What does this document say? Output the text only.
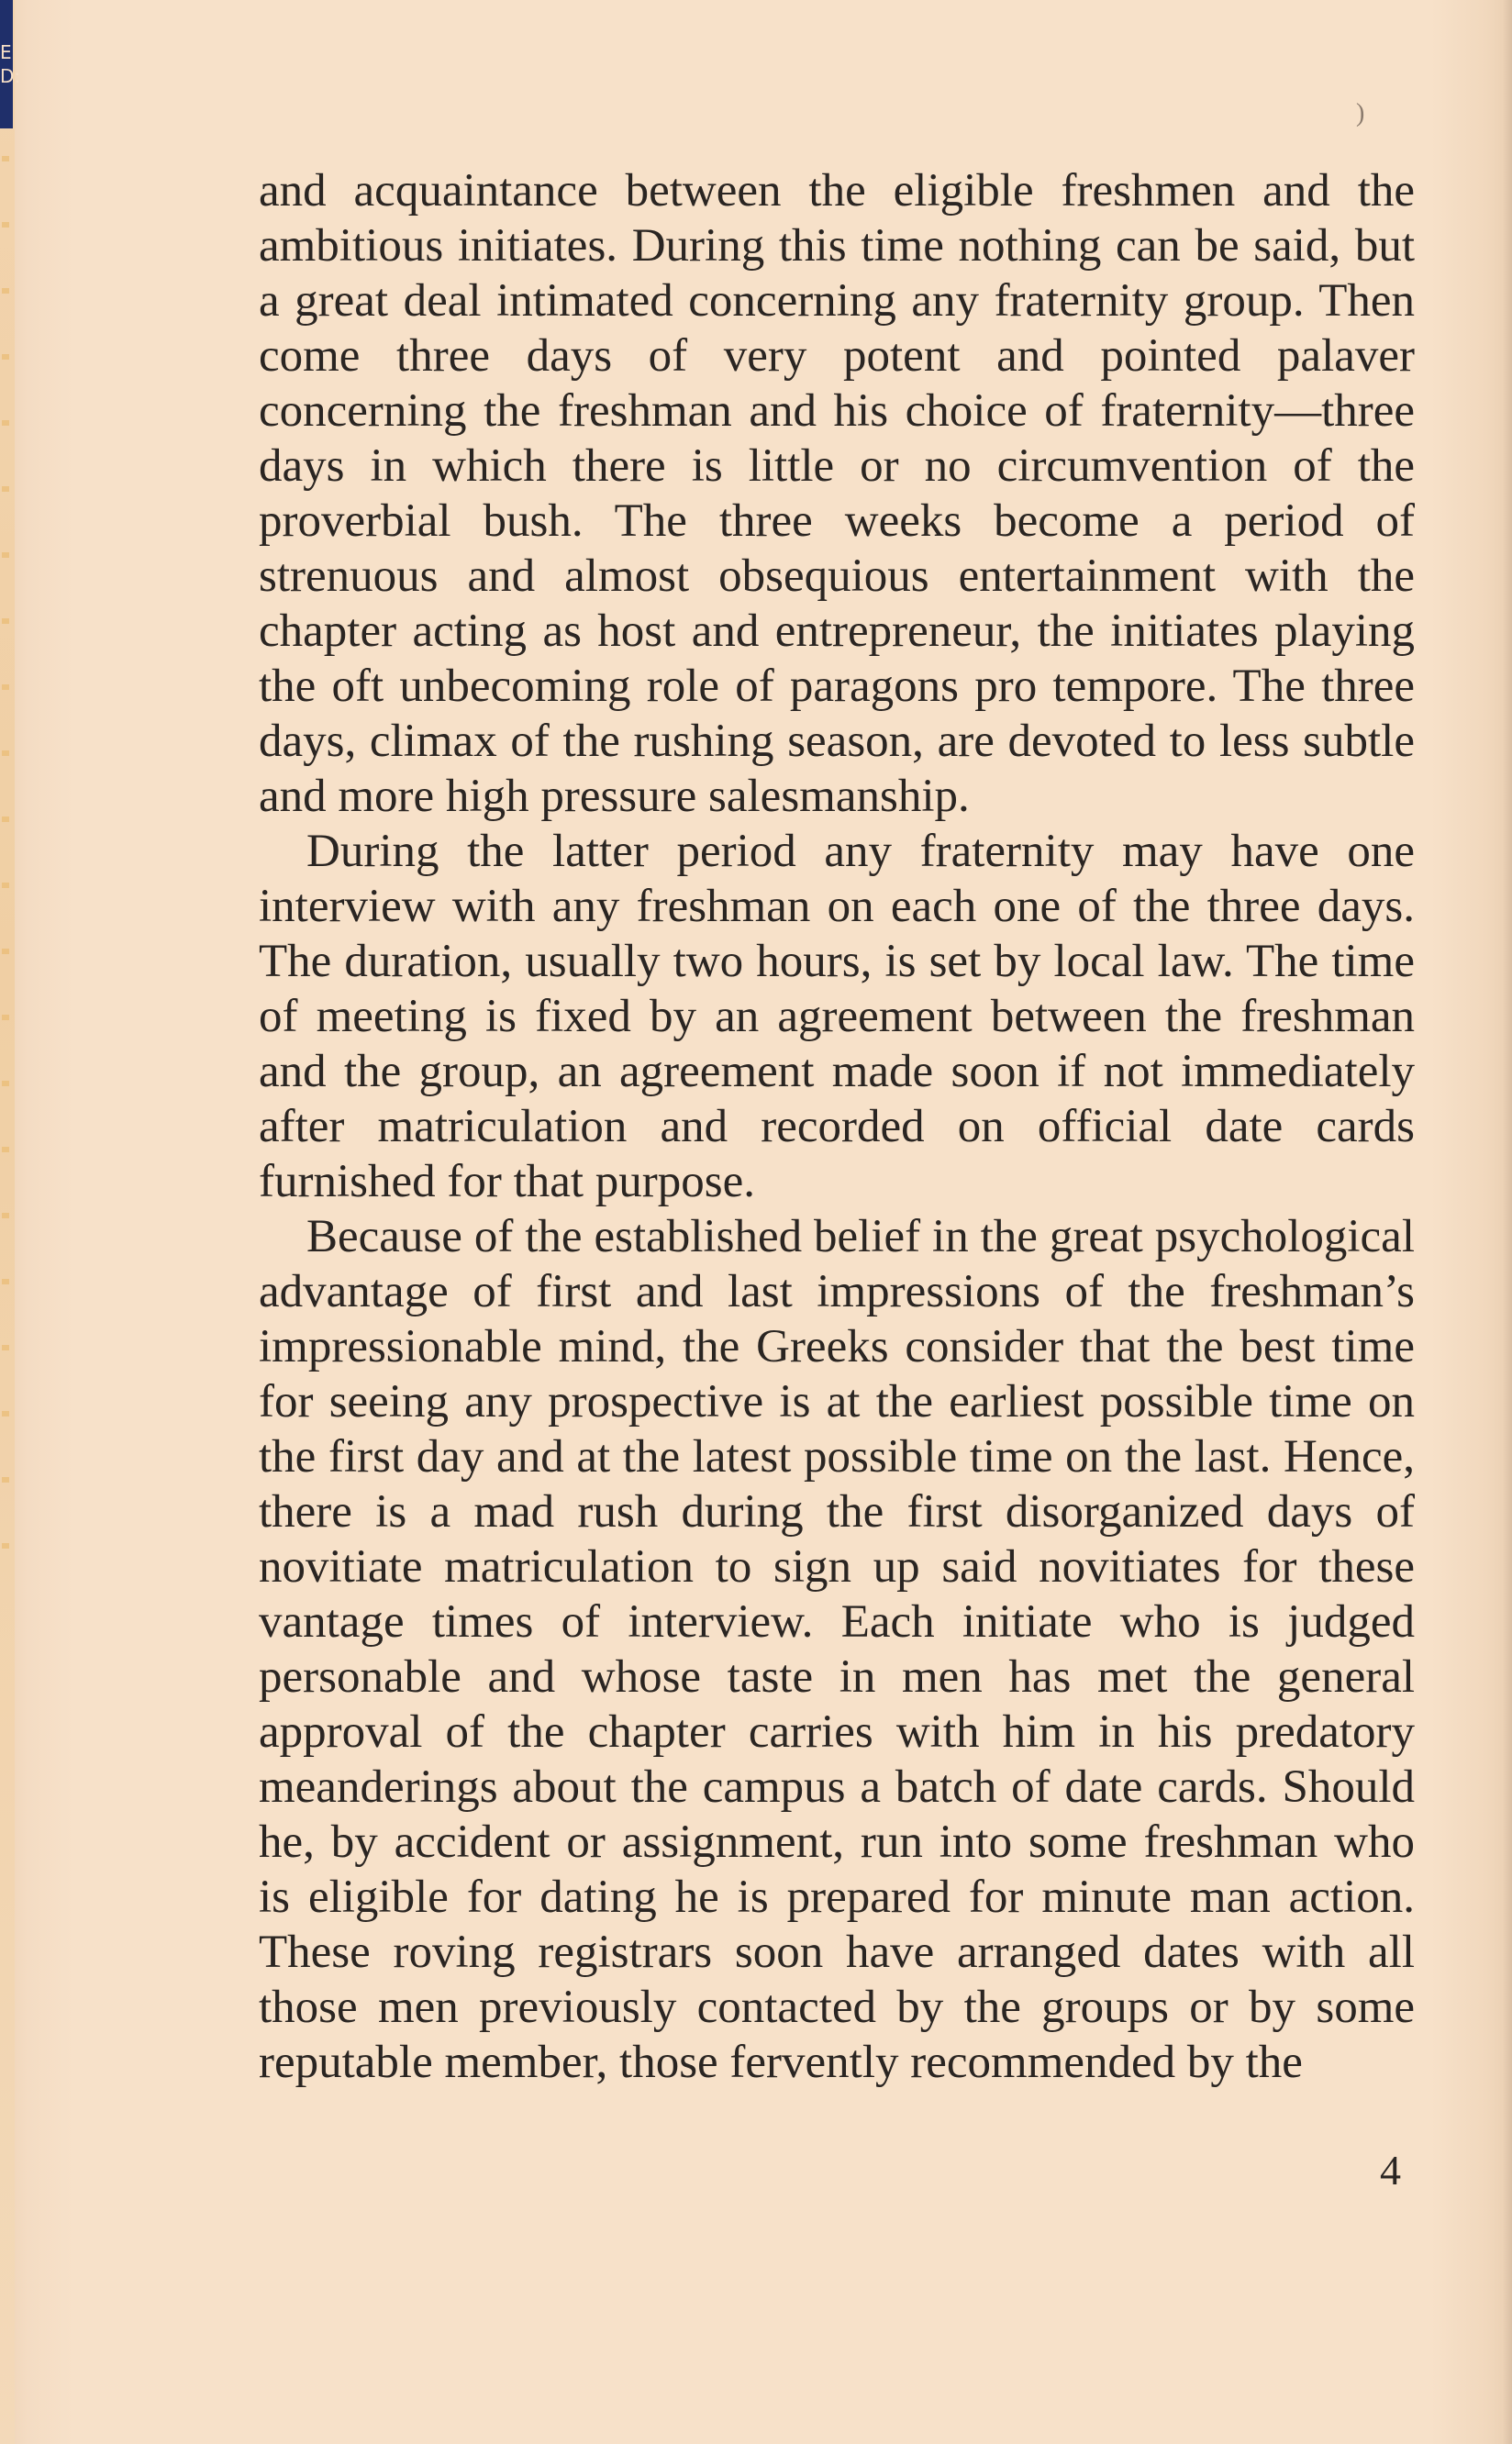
E D:
)

and acquaintance between the eligible freshmen and the ambitious initiates. During this time nothing can be said, but a great deal intimated concerning any fraternity group. Then come three days of very potent and pointed palaver concerning the freshman and his choice of fraternity—three days in which there is little or no circumvention of the proverbial bush. The three weeks become a period of strenuous and almost obsequious entertainment with the chapter acting as host and entrepreneur, the initiates playing the oft unbecoming role of paragons pro tempore. The three days, climax of the rushing season, are devoted to less subtle and more high pressure salesmanship.

During the latter period any fraternity may have one interview with any freshman on each one of the three days. The duration, usually two hours, is set by local law. The time of meeting is fixed by an agreement between the freshman and the group, an agreement made soon if not immediately after matriculation and recorded on official date cards furnished for that purpose.

Because of the established belief in the great psychological advantage of first and last impressions of the freshman’s impressionable mind, the Greeks consider that the best time for seeing any prospective is at the earliest possible time on the first day and at the latest possible time on the last. Hence, there is a mad rush during the first disorganized days of novitiate matriculation to sign up said novitiates for these vantage times of interview. Each initiate who is judged personable and whose taste in men has met the general approval of the chapter carries with him in his predatory meanderings about the campus a batch of date cards. Should he, by accident or assignment, run into some freshman who is eligible for dating he is prepared for minute man action. These roving registrars soon have arranged dates with all those men previously contacted by the groups or by some reputable member, those fervently recommended by the

4
